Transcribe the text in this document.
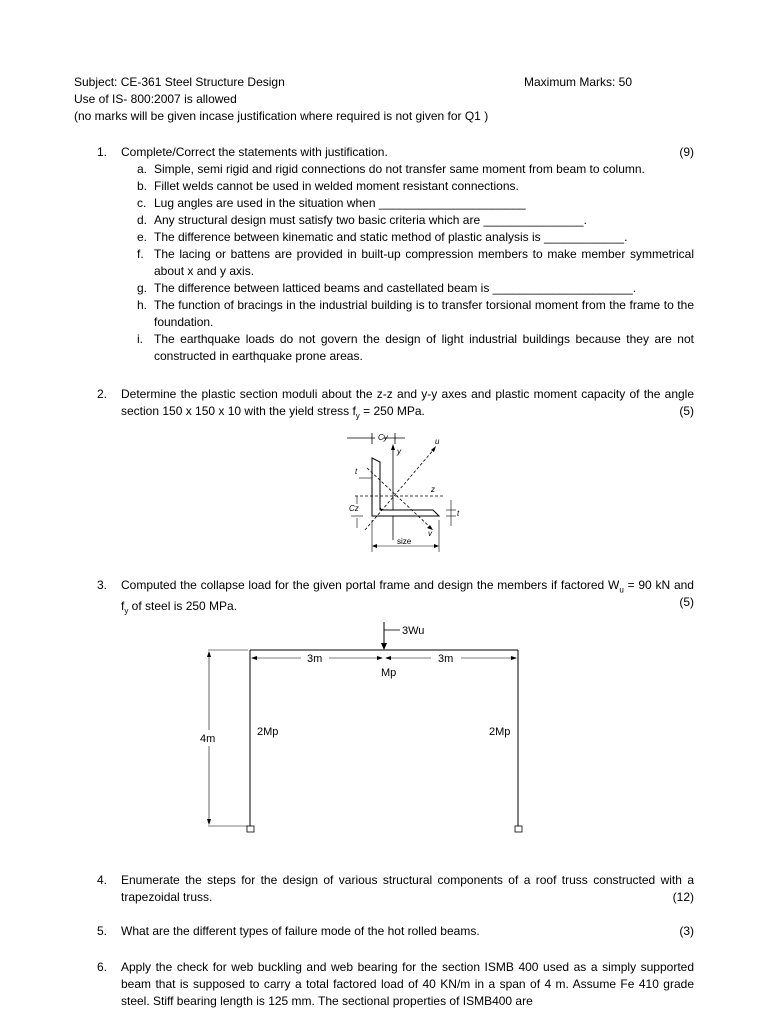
Subject: CE-361 Steel Structure Design	Maximum Marks: 50
Use of IS- 800:2007 is allowed
(no marks will be given incase justification where required is not given for Q1 )
1.	Complete/Correct the statements with justification.	(9)
a. Simple, semi rigid and rigid connections do not transfer same moment from beam to column.
b. Fillet welds cannot be used in welded moment resistant connections.
c. Lug angles are used in the situation when ______________________
d. Any structural design must satisfy two basic criteria which are _______________.
e. The difference between kinematic and static method of plastic analysis is ____________.
f. The lacing or battens are provided in built-up compression members to make member symmetrical about x and y axis.
g. The difference between latticed beams and castellated beam is _____________________.
h. The function of bracings in the industrial building is to transfer torsional moment from the frame to the foundation.
i. The earthquake loads do not govern the design of light industrial buildings because they are not constructed in earthquake prone areas.
2.	Determine the plastic section moduli about the z-z and y-y axes and plastic moment capacity of the angle section 150 x 150 x 10 with the yield stress $f_y = 250$ MPa.	(5)
Cy
y
z
u
v
t
Cz
t
size
3.	Computed the collapse load for the given portal frame and design the members if factored $W_u = 90$ kN and $f_y$ of steel is 250 MPa.	(5)
3Wu
3m	3m
Mp
2Mp	2Mp
4m
4.	Enumerate the steps for the design of various structural components of a roof truss constructed with a trapezoidal truss.	(12)
5.	What are the different types of failure mode of the hot rolled beams.	(3)
6.	Apply the check for web buckling and web bearing for the section ISMB 400 used as a simply supported beam that is supposed to carry a total factored load of 40 KN/m in a span of 4 m. Assume Fe 410 grade steel. Stiff bearing length is 125 mm. The sectional properties of ISMB400 are
